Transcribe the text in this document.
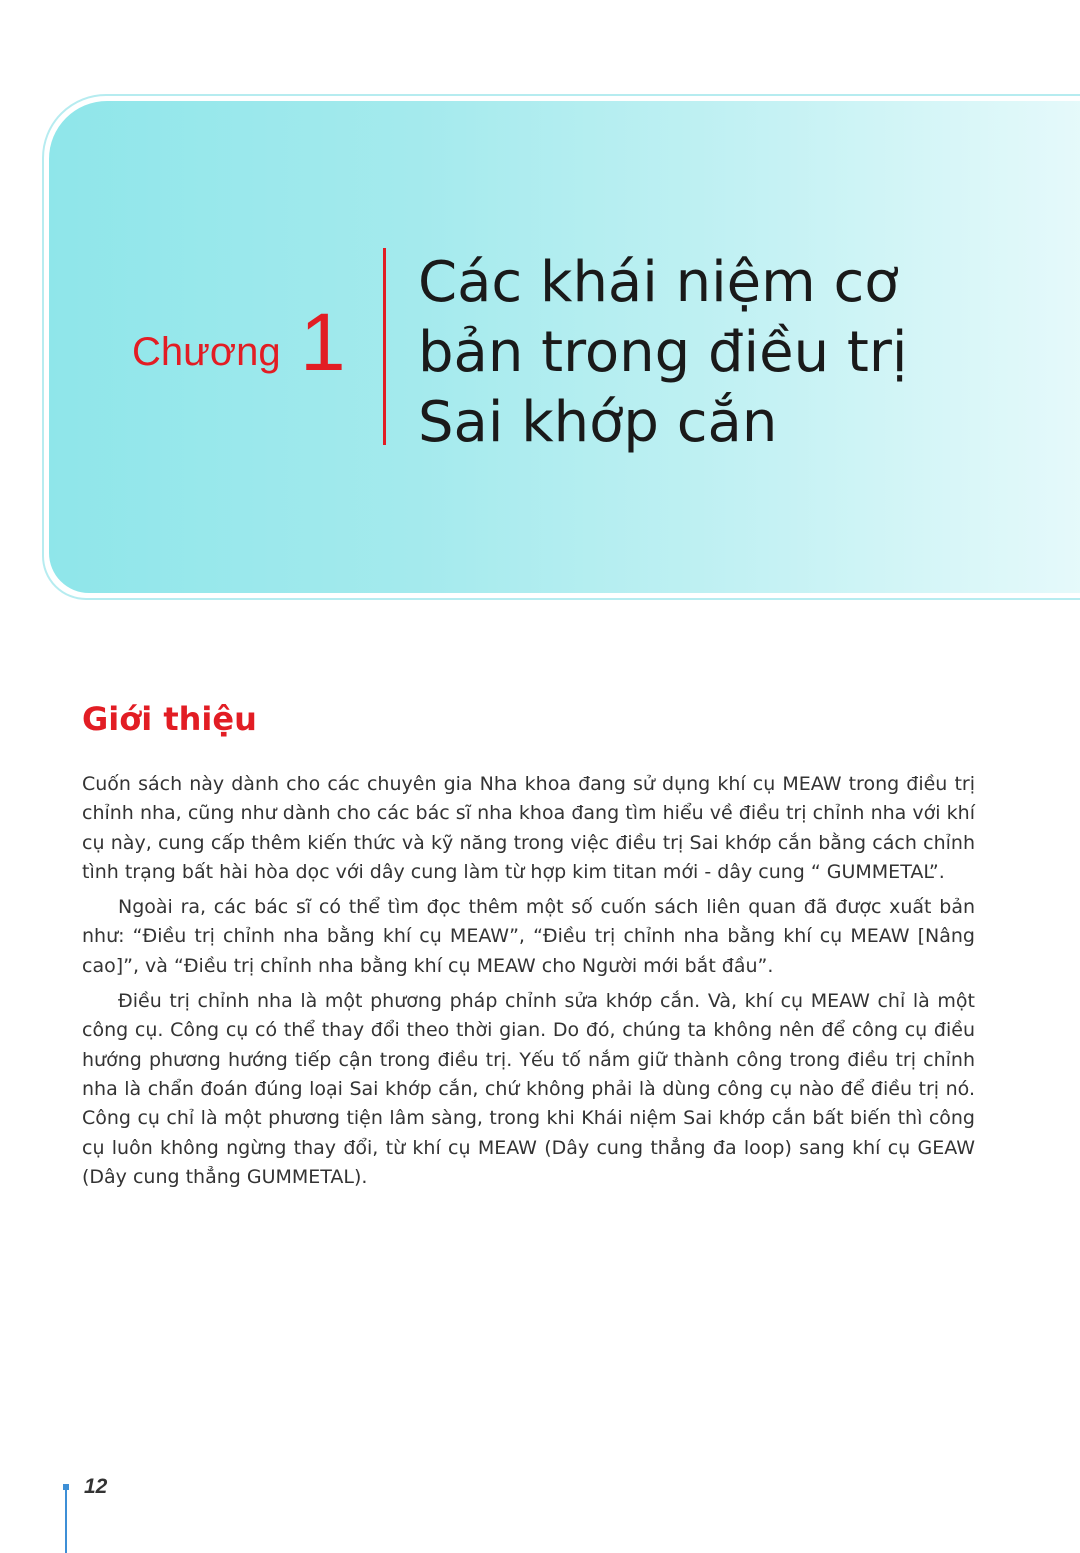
Chương 1
Các khái niệm cơ
bản trong điều trị
Sai khớp cắn
Giới thiệu

Cuốn sách này dành cho các chuyên gia Nha khoa đang sử dụng khí cụ MEAW trong điều trị chỉnh nha, cũng như dành cho các bác sĩ nha khoa đang tìm hiểu về điều trị chỉnh nha với khí cụ này, cung cấp thêm kiến thức và kỹ năng trong việc điều trị Sai khớp cắn bằng cách chỉnh tình trạng bất hài hòa dọc với dây cung làm từ hợp kim titan mới - dây cung “ GUMMETAL”.

Ngoài ra, các bác sĩ có thể tìm đọc thêm một số cuốn sách liên quan đã được xuất bản như: “Điều trị chỉnh nha bằng khí cụ MEAW”, “Điều trị chỉnh nha bằng khí cụ MEAW [Nâng cao]”, và “Điều trị chỉnh nha bằng khí cụ MEAW cho Người mới bắt đầu”.

Điều trị chỉnh nha là một phương pháp chỉnh sửa khớp cắn. Và, khí cụ MEAW chỉ là một công cụ. Công cụ có thể thay đổi theo thời gian. Do đó, chúng ta không nên để công cụ điều hướng phương hướng tiếp cận trong điều trị. Yếu tố nắm giữ thành công trong điều trị chỉnh nha là chẩn đoán đúng loại Sai khớp cắn, chứ không phải là dùng công cụ nào để điều trị nó. Công cụ chỉ là một phương tiện lâm sàng, trong khi Khái niệm Sai khớp cắn bất biến thì công cụ luôn không ngừng thay đổi, từ khí cụ MEAW (Dây cung thẳng đa loop) sang khí cụ GEAW (Dây cung thẳng GUMMETAL).

12
